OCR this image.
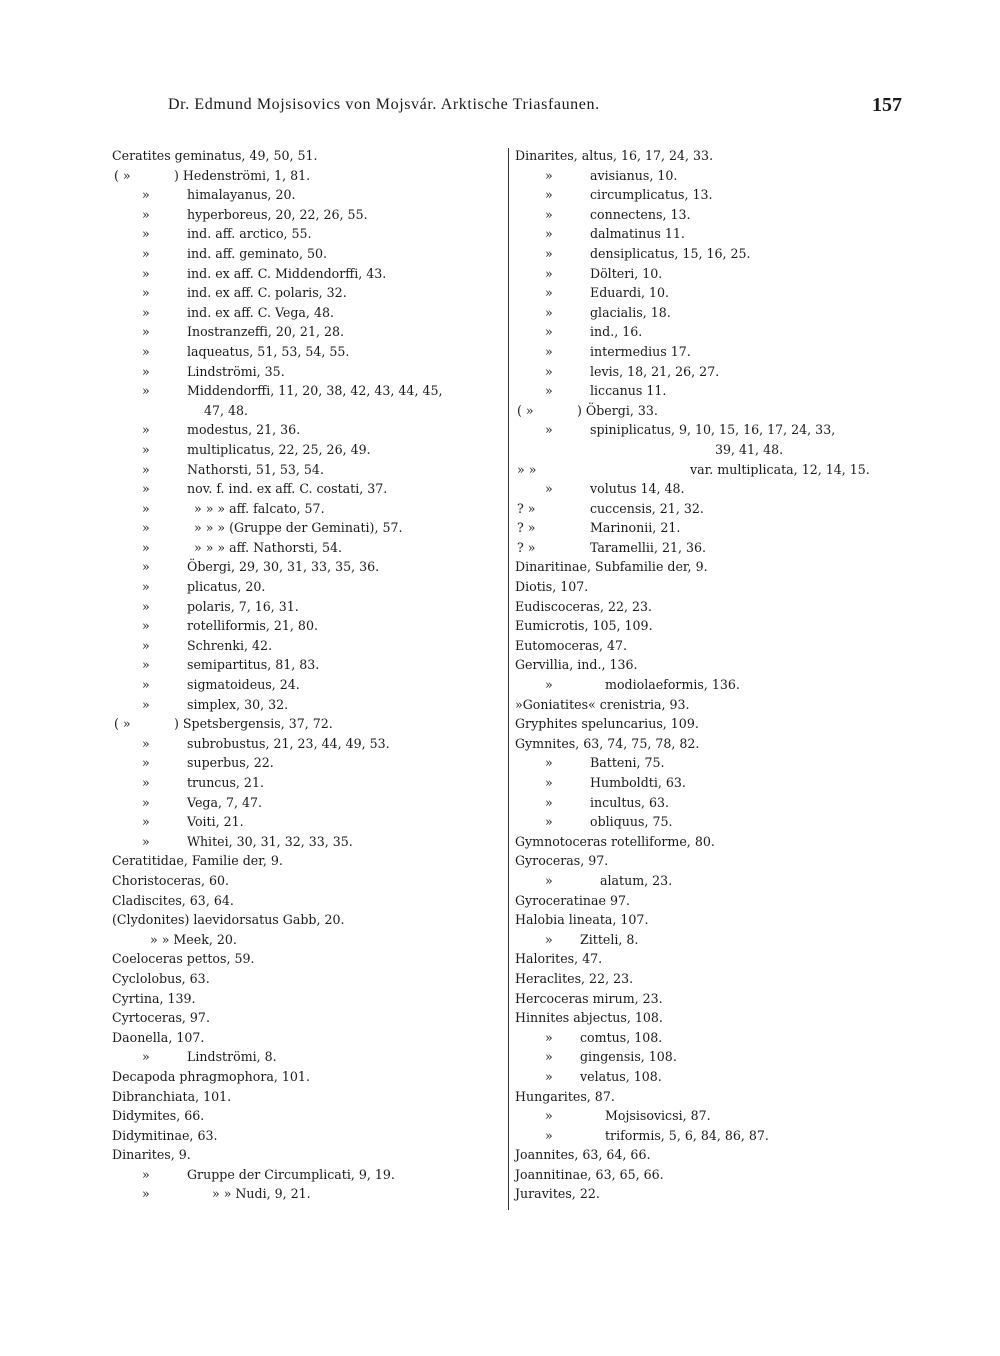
Dr. Edmund Mojsisovics von Mojsvár. Arktische Triasfaunen.	157
Ceratites geminatus, 49, 50, 51.
( »	) Hedenströmi, 1, 81.
»	himalayanus, 20.
»	hyperboreus, 20, 22, 26, 55.
»	ind. aff. arctico, 55.
»	ind. aff. geminato, 50.
»	ind. ex aff. C. Middendorffi, 43.
»	ind. ex aff. C. polaris, 32.
»	ind. ex aff. C. Vega, 48.
»	Inostranzeffi, 20, 21, 28.
»	laqueatus, 51, 53, 54, 55.
»	Lindströmi, 35.
»	Middendorffi, 11, 20, 38, 42, 43, 44, 45,
47, 48.
»	modestus, 21, 36.
»	multiplicatus, 22, 25, 26, 49.
»	Nathorsti, 51, 53, 54.
»	nov. f. ind. ex aff. C. costati, 37.
»	» » » aff. falcato, 57.
»	» » » (Gruppe der Geminati), 57.
»	» » » aff. Nathorsti, 54.
»	Öbergi, 29, 30, 31, 33, 35, 36.
»	plicatus, 20.
»	polaris, 7, 16, 31.
»	rotelliformis, 21, 80.
»	Schrenki, 42.
»	semipartitus, 81, 83.
»	sigmatoideus, 24.
»	simplex, 30, 32.
( »	) Spetsbergensis, 37, 72.
»	subrobustus, 21, 23, 44, 49, 53.
»	superbus, 22.
»	truncus, 21.
»	Vega, 7, 47.
»	Voiti, 21.
»	Whitei, 30, 31, 32, 33, 35.
Ceratitidae, Familie der, 9.
Choristoceras, 60.
Cladiscites, 63, 64.
(Clydonites) laevidorsatus Gabb, 20.
» » Meek, 20.
Coeloceras pettos, 59.
Cyclolobus, 63.
Cyrtina, 139.
Cyrtoceras, 97.
Daonella, 107.
»	Lindströmi, 8.
Decapoda phragmophora, 101.
Dibranchiata, 101.
Didymites, 66.
Didymitinae, 63.
Dinarites, 9.
»	Gruppe der Circumplicati, 9, 19.
»	» » Nudi, 9, 21.
Dinarites, altus, 16, 17, 24, 33.
»	avisianus, 10.
»	circumplicatus, 13.
»	connectens, 13.
»	dalmatinus 11.
»	densiplicatus, 15, 16, 25.
»	Dölteri, 10.
»	Eduardi, 10.
»	glacialis, 18.
»	ind., 16.
»	intermedius 17.
»	levis, 18, 21, 26, 27.
»	liccanus 11.
( »	) Öbergi, 33.
»	spiniplicatus, 9, 10, 15, 16, 17, 24, 33,
39, 41, 48.
» »	var. multiplicata, 12, 14, 15.
»	volutus 14, 48.
? »	cuccensis, 21, 32.
? »	Marinonii, 21.
? »	Taramellii, 21, 36.
Dinaritinae, Subfamilie der, 9.
Diotis, 107.
Eudiscoceras, 22, 23.
Eumicrotis, 105, 109.
Eutomoceras, 47.
Gervillia, ind., 136.
»	modiolaeformis, 136.
»Goniatites« crenistria, 93.
Gryphites speluncarius, 109.
Gymnites, 63, 74, 75, 78, 82.
»	Batteni, 75.
»	Humboldti, 63.
»	incultus, 63.
»	obliquus, 75.
Gymnotoceras rotelliforme, 80.
Gyroceras, 97.
»	alatum, 23.
Gyroceratinae 97.
Halobia lineata, 107.
» Zitteli, 8.
Halorites, 47.
Heraclites, 22, 23.
Hercoceras mirum, 23.
Hinnites abjectus, 108.
» comtus, 108.
» gingensis, 108.
» velatus, 108.
Hungarites, 87.
»	Mojsisovicsi, 87.
»	triformis, 5, 6, 84, 86, 87.
Joannites, 63, 64, 66.
Joannitinae, 63, 65, 66.
Juravites, 22.
